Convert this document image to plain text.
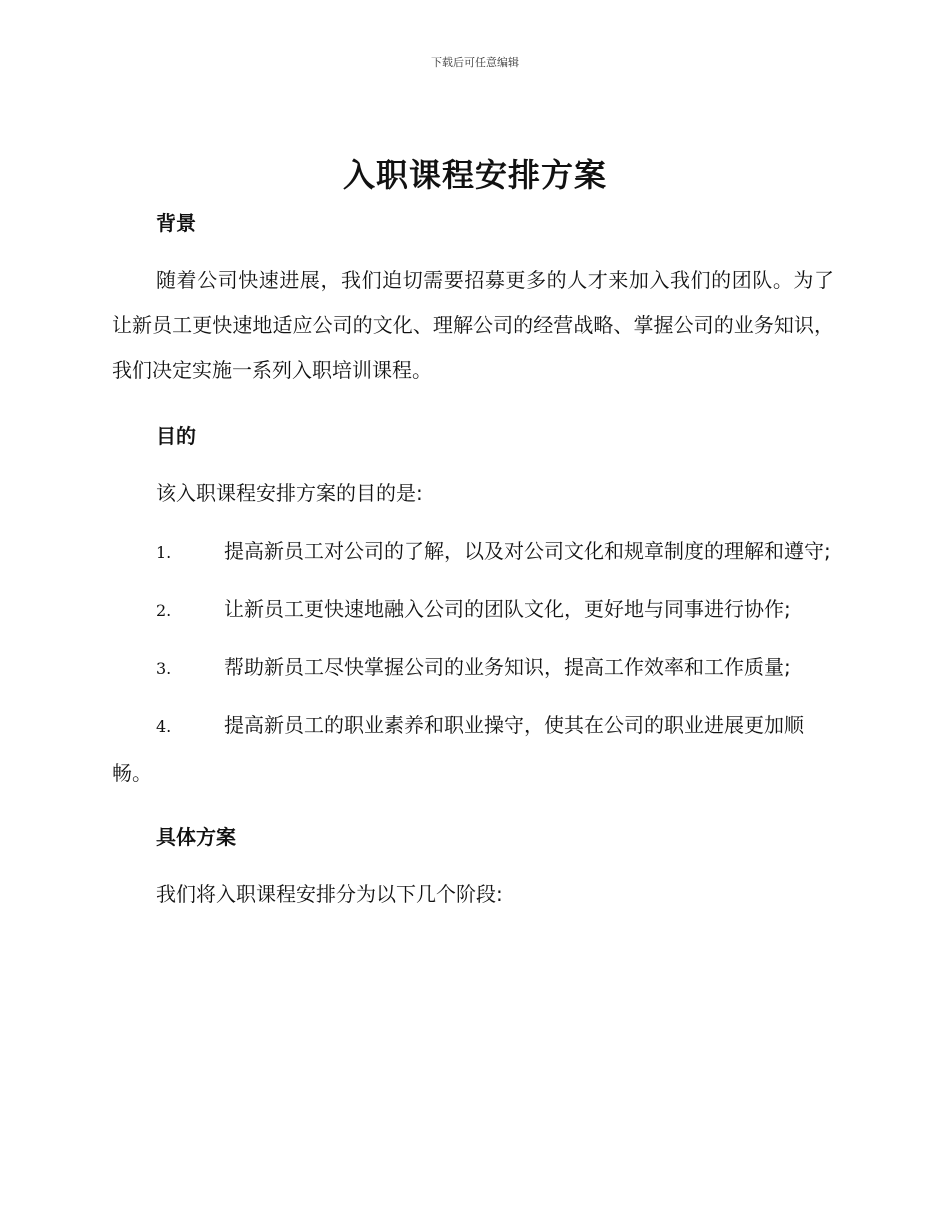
下载后可任意编辑
入职课程安排方案
背景

随着公司快速进展，我们迫切需要招募更多的人才来加入我们的团队。为了让新员工更快速地适应公司的文化、理解公司的经营战略、掌握公司的业务知识，我们决定实施一系列入职培训课程。

目的

该入职课程安排方案的目的是:

1.	提高新员工对公司的了解，以及对公司文化和规章制度的理解和遵守;
2.	让新员工更快速地融入公司的团队文化，更好地与同事进行协作;
3.	帮助新员工尽快掌握公司的业务知识，提高工作效率和工作质量;
4.	提高新员工的职业素养和职业操守，使其在公司的职业进展更加顺畅。
具体方案

我们将入职课程安排分为以下几个阶段:
